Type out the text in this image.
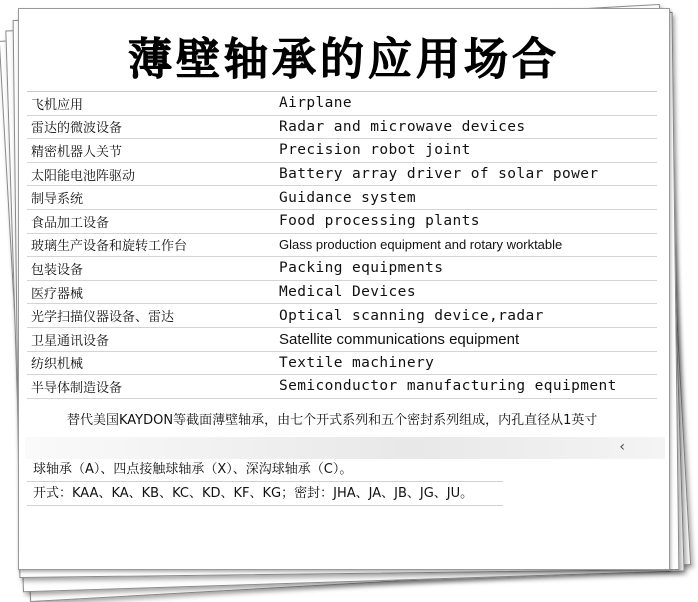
薄壁轴承的应用场合
飞机应用	Airplane
雷达的微波设备	Radar and microwave devices
精密机器人关节	Precision robot joint
太阳能电池阵驱动	Battery array driver of solar power
制导系统	Guidance system
食品加工设备	Food processing plants
玻璃生产设备和旋转工作台	Glass production equipment and rotary worktable
包装设备	Packing equipments
医疗器械	Medical Devices
光学扫描仪器设备、雷达	Optical scanning device,radar
卫星通讯设备	Satellite communications equipment
纺织机械	Textile machinery
半导体制造设备	Semiconductor manufacturing equipment
替代美国KAYDON等截面薄壁轴承，由七个开式系列和五个密封系列组成，内孔直径从1英寸
‹
球轴承（A）、四点接触球轴承（X）、深沟球轴承（C）。
开式：KAA、KA、KB、KC、KD、KF、KG；密封：JHA、JA、JB、JG、JU。
